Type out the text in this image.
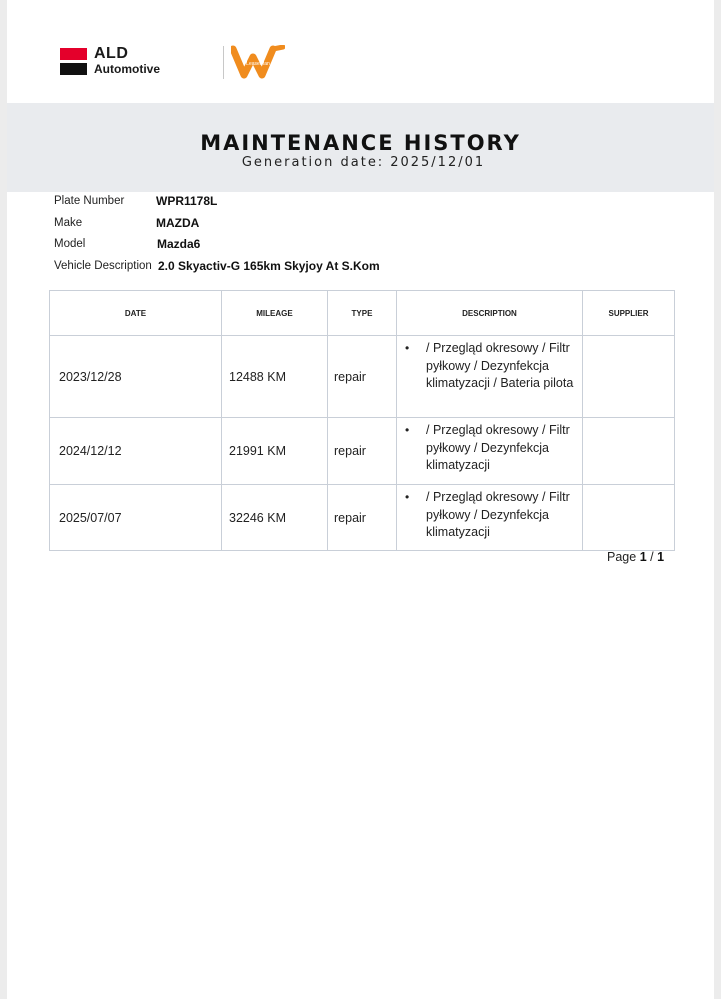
ALD
Automotive	LeasePlan
MAINTENANCE HISTORY
Generation date: 2025/12/01
Plate Number	WPR1178L
Make	MAZDA
Model	Mazda6
Vehicle Description 2.0 Skyactiv-G 165km Skyjoy At S.Kom
DATE	MILEAGE	TYPE	DESCRIPTION	SUPPLIER
2023/12/28	12488 KM	repair	• / Przegląd okresowy / Filtr pyłkowy / Dezynfekcja klimatyzacji / Bateria pilota	

2024/12/12	21991 KM	repair	• / Przegląd okresowy / Filtr pyłkowy / Dezynfekcja klimatyzacji	

2025/07/07	32246 KM	repair	• / Przegląd okresowy / Filtr pyłkowy / Dezynfekcja klimatyzacji	

Page 1 / 1
otomoto
